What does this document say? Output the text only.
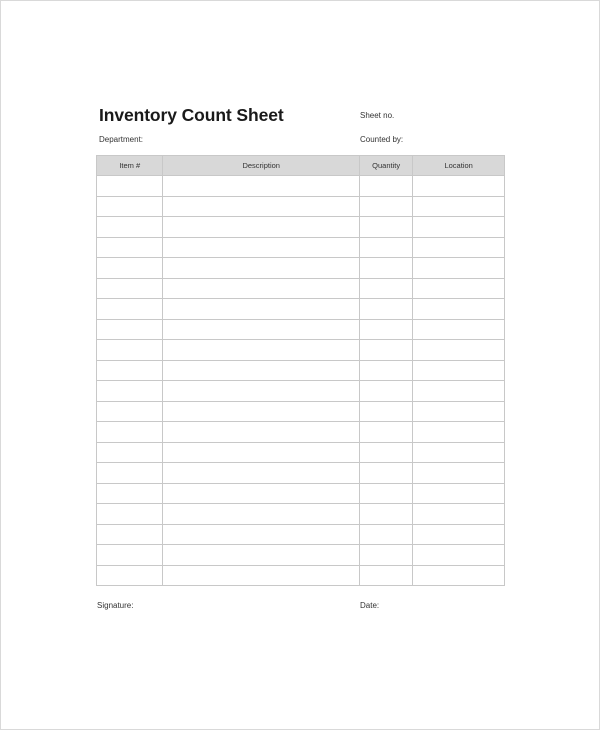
Inventory Count Sheet	Sheet no.
Department:	Counted by:
Item #	Description	Quantity	Location

Signature:	Date:
